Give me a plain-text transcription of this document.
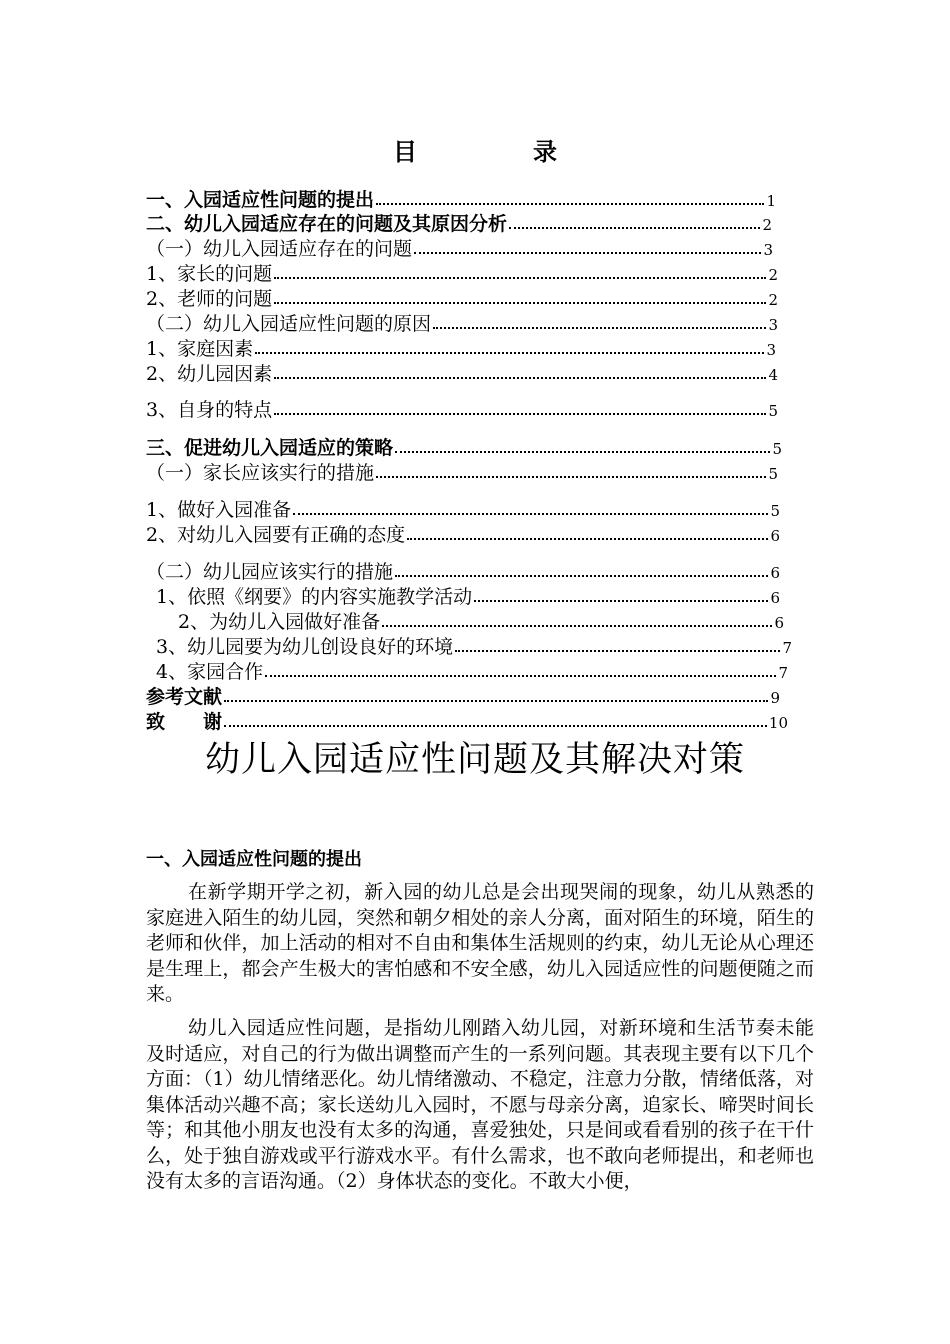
目　录
一、入园适应性问题的提出	1
二、幼儿入园适应存在的问题及其原因分析	2
（一）幼儿入园适应存在的问题	3
1、家长的问题	2
2、老师的问题	2
（二）幼儿入园适应性问题的原因	3
1、家庭因素	3
2、幼儿园因素	4
3、自身的特点	5
三、促进幼儿入园适应的策略	5
（一）家长应该实行的措施	5
1、做好入园准备	5
2、对幼儿入园要有正确的态度	6
（二）幼儿园应该实行的措施	6
1、依照《纲要》的内容实施教学活动	6
2、为幼儿入园做好准备	6
3、幼儿园要为幼儿创设良好的环境	7
4、家园合作	7
参考文献	9
致　　谢	10
幼儿入园适应性问题及其解决对策
一、入园适应性问题的提出

在新学期开学之初，新入园的幼儿总是会出现哭闹的现象，幼儿从熟悉的家庭进入陌生的幼儿园，突然和朝夕相处的亲人分离，面对陌生的环境，陌生的老师和伙伴，加上活动的相对不自由和集体生活规则的约束，幼儿无论从心理还是生理上，都会产生极大的害怕感和不安全感，幼儿入园适应性的问题便随之而来。

幼儿入园适应性问题，是指幼儿刚踏入幼儿园，对新环境和生活节奏未能及时适应，对自己的行为做出调整而产生的一系列问题。其表现主要有以下几个方面：（1）幼儿情绪恶化。幼儿情绪激动、不稳定，注意力分散，情绪低落，对集体活动兴趣不高；家长送幼儿入园时，不愿与母亲分离，追家长、啼哭时间长等；和其他小朋友也没有太多的沟通，喜爱独处，只是间或看看别的孩子在干什么，处于独自游戏或平行游戏水平。有什么需求，也不敢向老师提出，和老师也没有太多的言语沟通。（2）身体状态的变化。不敢大小便，
